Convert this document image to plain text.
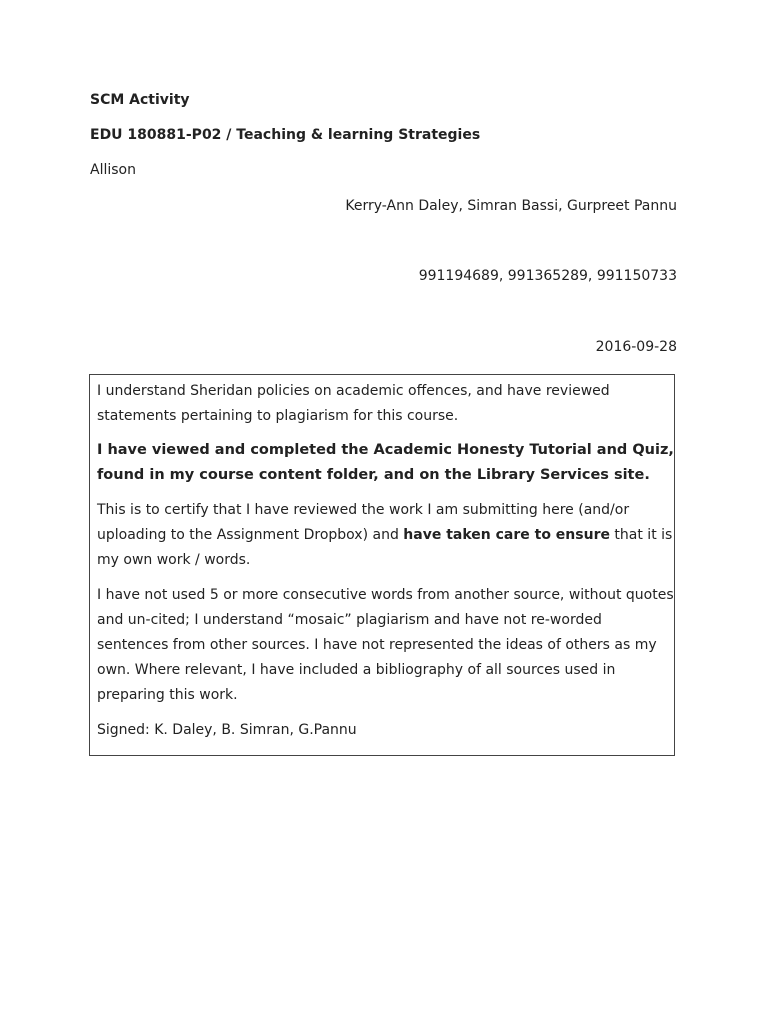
SCM Activity
EDU 180881-P02 / Teaching & learning Strategies
Allison
Kerry-Ann Daley, Simran Bassi, Gurpreet Pannu
991194689, 991365289, 991150733
2016-09-28
I understand Sheridan policies on academic offences, and have reviewed
statements pertaining to plagiarism for this course.
I have viewed and completed the Academic Honesty Tutorial and Quiz,
found in my course content folder, and on the Library Services site.
This is to certify that I have reviewed the work I am submitting here (and/or
uploading to the Assignment Dropbox) and have taken care to ensure that it is
my own work / words.
I have not used 5 or more consecutive words from another source, without quotes
and un-cited; I understand “mosaic” plagiarism and have not re-worded
sentences from other sources. I have not represented the ideas of others as my
own. Where relevant, I have included a bibliography of all sources used in
preparing this work.
Signed: K. Daley, B. Simran, G.Pannu
